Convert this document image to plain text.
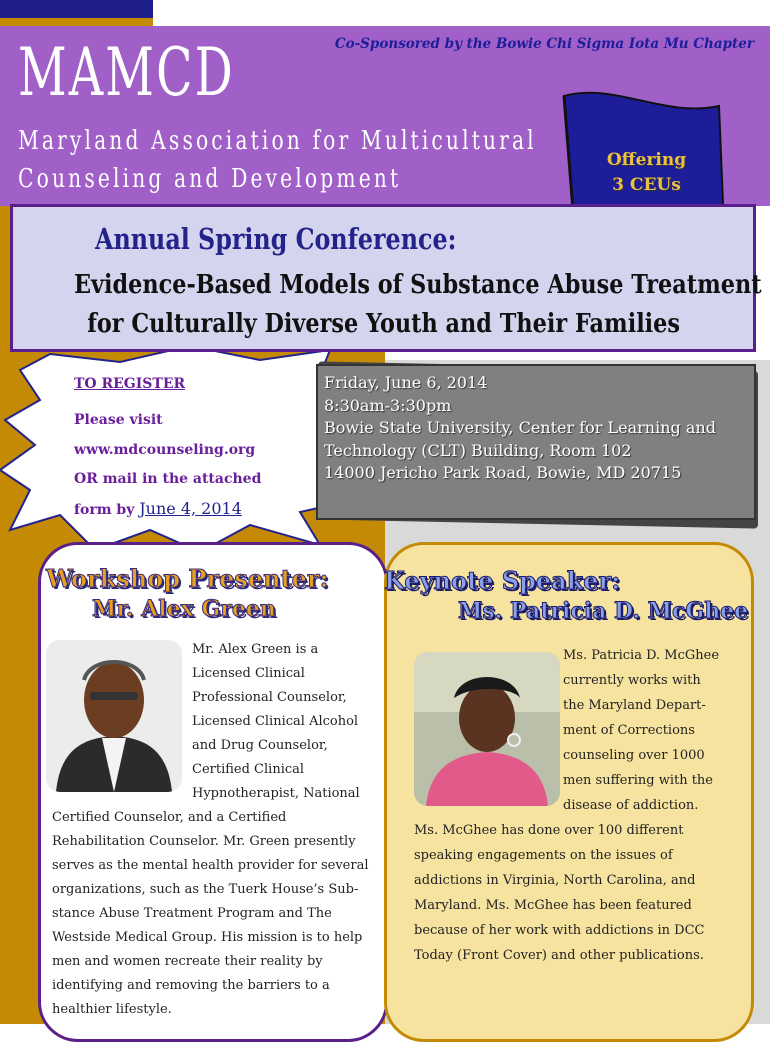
Co-Sponsored by the Bowie Chi Sigma Iota Mu Chapter
MAMCD
Maryland Association for Multicultural
Counseling and Development
Offering
3 CEUs
Annual Spring Conference:
Evidence-Based Models of Substance Abuse Treatment
for Culturally Diverse Youth and Their Families
TO REGISTER
Please visit
www.mdcounseling.org
OR mail in the attached
form by June 4, 2014
Friday, June 6, 2014
8:30am-3:30pm
Bowie State University, Center for Learning and
Technology (CLT) Building, Room 102
14000 Jericho Park Road, Bowie, MD 20715
Workshop Presenter:
Mr. Alex Green
Mr. Alex Green is a
Licensed Clinical
Professional Counselor,
Licensed Clinical Alcohol
and Drug Counselor,
Certified Clinical
Hypnotherapist, National
Certified Counselor, and a Certified
Rehabilitation Counselor. Mr. Green presently
serves as the mental health provider for several
organizations, such as the Tuerk House’s Sub-
stance Abuse Treatment Program and The
Westside Medical Group. His mission is to help
men and women recreate their reality by
identifying and removing the barriers to a
healthier lifestyle.
Keynote Speaker:
Ms. Patricia D. McGhee
Ms. Patricia D. McGhee
currently works with
the Maryland Depart-
ment of Corrections
counseling over 1000
men suffering with the
disease of addiction.
Ms. McGhee has done over 100 different
speaking engagements on the issues of
addictions in Virginia, North Carolina, and
Maryland. Ms. McGhee has been featured
because of her work with addictions in DCC
Today (Front Cover) and other publications.
